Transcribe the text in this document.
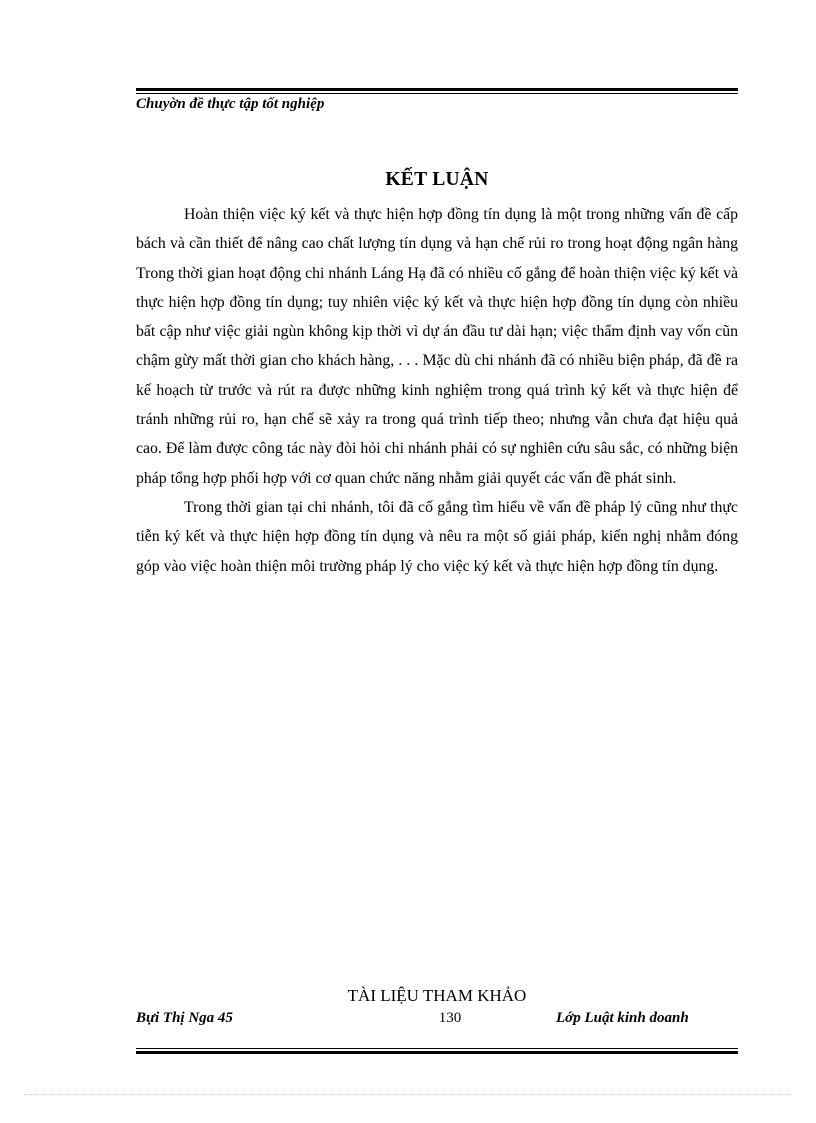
Chuyờn đề thực tập tốt nghiệp
KẾT LUẬN

Hoàn thiện việc ký kết và thực hiện hợp đồng tín dụng là một trong những vấn đề cấp bách và cần thiết để nâng cao chất lượng tín dụng và hạn chế rủi ro trong hoạt động ngân hàng Trong thời gian hoạt động chi nhánh Láng Hạ đã có nhiều cố gắng để hoàn thiện việc ký kết và thực hiện hợp đồng tín dụng; tuy nhiên việc ký kết và thực hiện hợp đồng tín dụng còn nhiều bất cập như việc giải ngùn không kịp thời vì dự án đầu tư dài hạn; việc thẩm định vay vốn cũn chậm gừy mất thời gian cho khách hàng, . . . Mặc dù chi nhánh đã có nhiều biện pháp, đã đề ra kế hoạch từ trước và rút ra được những kinh nghiệm trong quá trình ký kết và thực hiện để tránh những rủi ro, hạn chế sẽ xảy ra trong quá trình tiếp theo; nhưng vẫn chưa đạt hiệu quả cao. Để làm được công tác này đòi hỏi chi nhánh phải có sự nghiên cứu sâu sắc, có những biện pháp tổng hợp phối hợp với cơ quan chức năng nhằm giải quyết các vấn đề phát sinh.

Trong thời gian tại chi nhánh, tôi đã cố gắng tìm hiểu về vấn đề pháp lý cũng như thực tiễn ký kết và thực hiện hợp đồng tín dụng và nêu ra một số giải pháp, kiến nghị nhằm đóng góp vào việc hoàn thiện môi trường pháp lý cho việc ký kết và thực hiện hợp đồng tín dụng.

TÀI LIỆU THAM KHẢO
Bựi Thị Nga 45	130	Lớp Luật kinh doanh
